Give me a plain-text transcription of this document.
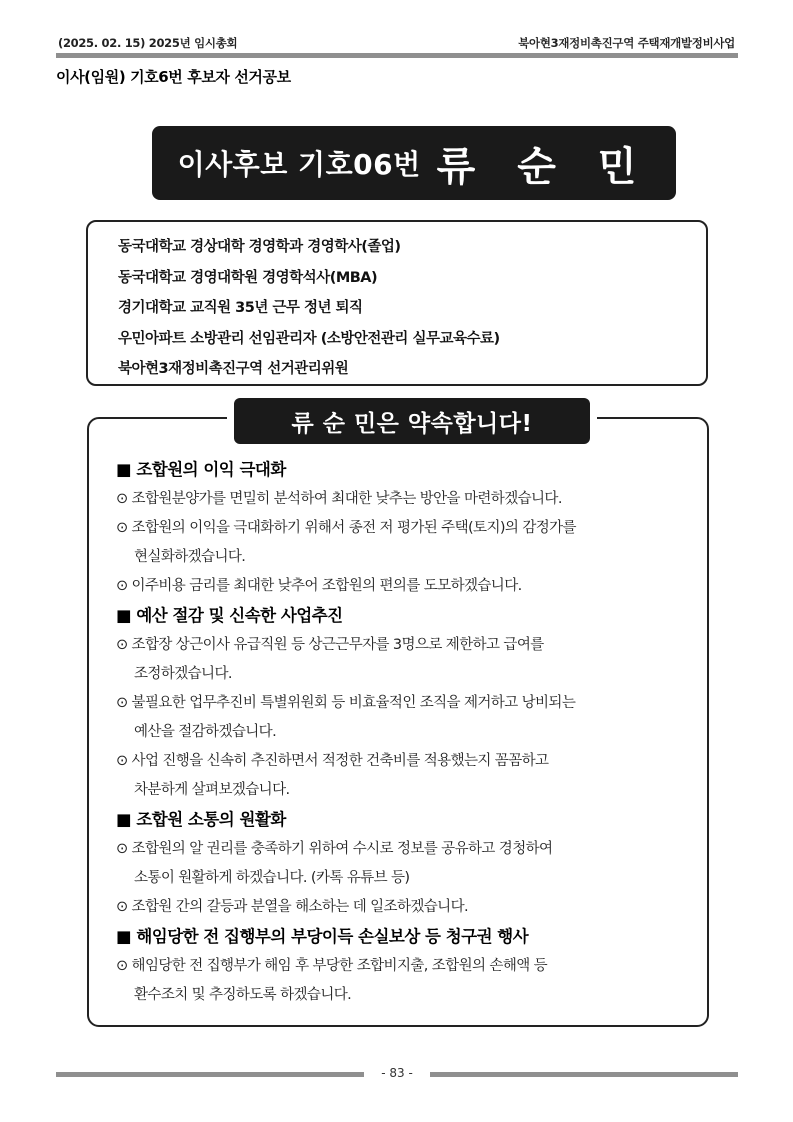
(2025. 02. 15) 2025년 임시총회	북아현3재정비촉진구역 주택재개발정비사업
이사(임원) 기호6번 후보자 선거공보
이사후보 기호06번 류 순 민
동국대학교 경상대학 경영학과 경영학사(졸업)
동국대학교 경영대학원 경영학석사(MBA)
경기대학교 교직원 35년 근무 정년 퇴직
우민아파트 소방관리 선임관리자 (소방안전관리 실무교육수료)
북아현3재정비촉진구역 선거관리위원
류 순 민은 약속합니다!
■ 조합원의 이익 극대화
⊙ 조합원분양가를 면밀히 분석하여 최대한 낮추는 방안을 마련하겠습니다.
⊙ 조합원의 이익을 극대화하기 위해서 종전 저 평가된 주택(토지)의 감정가를
현실화하겠습니다.
⊙ 이주비용 금리를 최대한 낮추어 조합원의 편의를 도모하겠습니다.
■ 예산 절감 및 신속한 사업추진
⊙ 조합장 상근이사 유급직원 등 상근근무자를 3명으로 제한하고 급여를
조정하겠습니다.
⊙ 불필요한 업무추진비 특별위원회 등 비효율적인 조직을 제거하고 낭비되는
예산을 절감하겠습니다.
⊙ 사업 진행을 신속히 추진하면서 적정한 건축비를 적용했는지 꼼꼼하고
차분하게 살펴보겠습니다.
■ 조합원 소통의 원활화
⊙ 조합원의 알 권리를 충족하기 위하여 수시로 정보를 공유하고 경청하여
소통이 원활하게 하겠습니다. (카톡 유튜브 등)
⊙ 조합원 간의 갈등과 분열을 해소하는 데 일조하겠습니다.
■ 해임당한 전 집행부의 부당이득 손실보상 등 청구권 행사
⊙ 해임당한 전 집행부가 해임 후 부당한 조합비지출, 조합원의 손해액 등
환수조치 및 추징하도록 하겠습니다.
- 83 -
